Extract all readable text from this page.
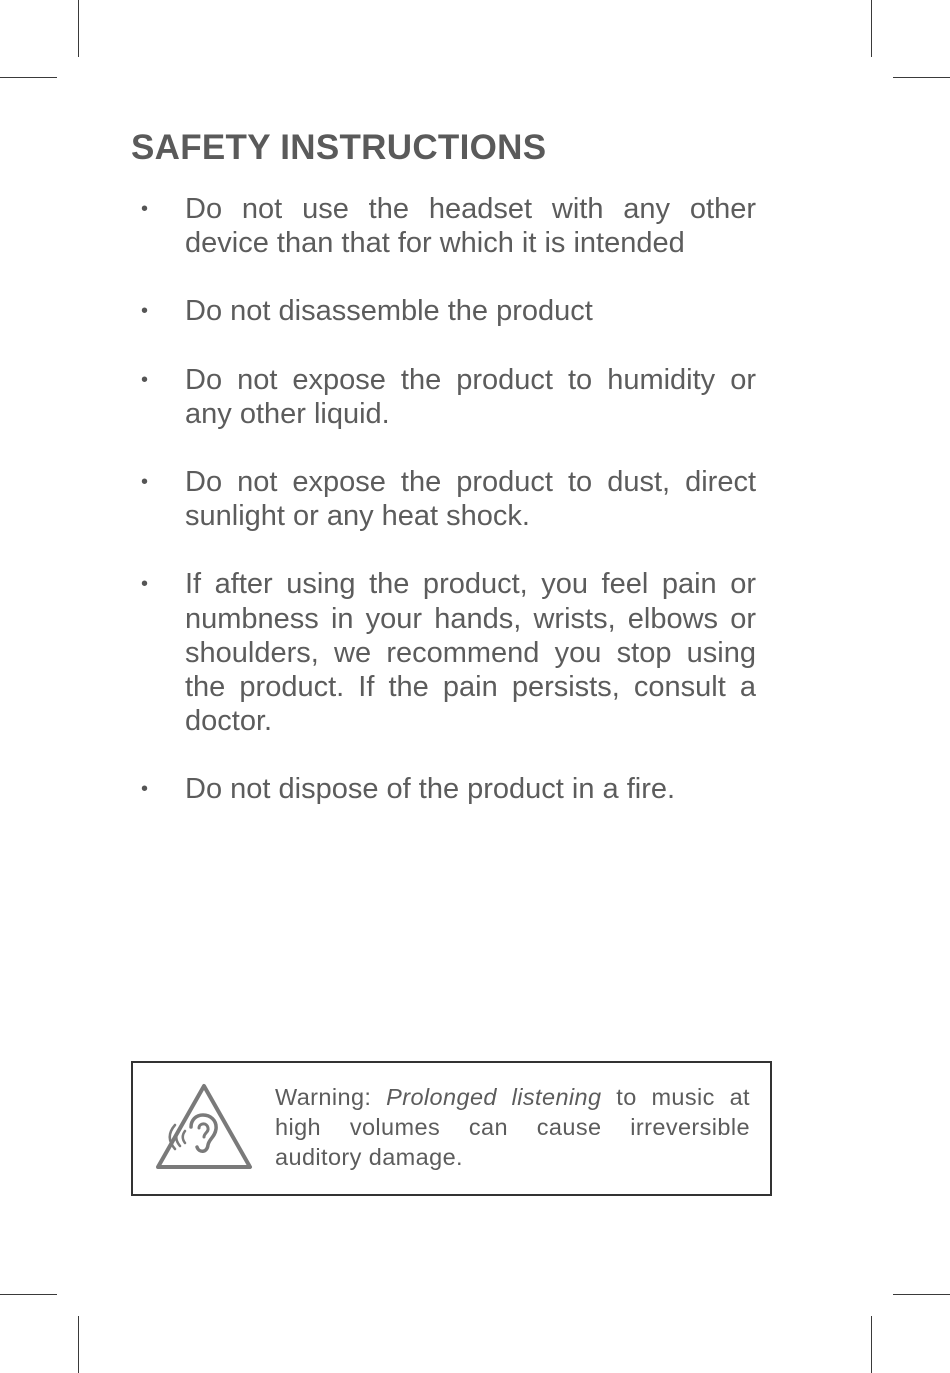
SAFETY INSTRUCTIONS
• Do not use the headset with any other device than that for which it is intended
• Do not disassemble the product
• Do not expose the product to humidity or any other liquid.
• Do not expose the product to dust, direct sunlight or any heat shock.
• If after using the product, you feel pain or numbness in your hands, wrists, elbows or shoulders, we recommend you stop using the product. If the pain persists, consult a doctor.
• Do not dispose of the product in a fire.

Warning: Prolonged listening to music at high volumes can cause irreversible auditory damage.
